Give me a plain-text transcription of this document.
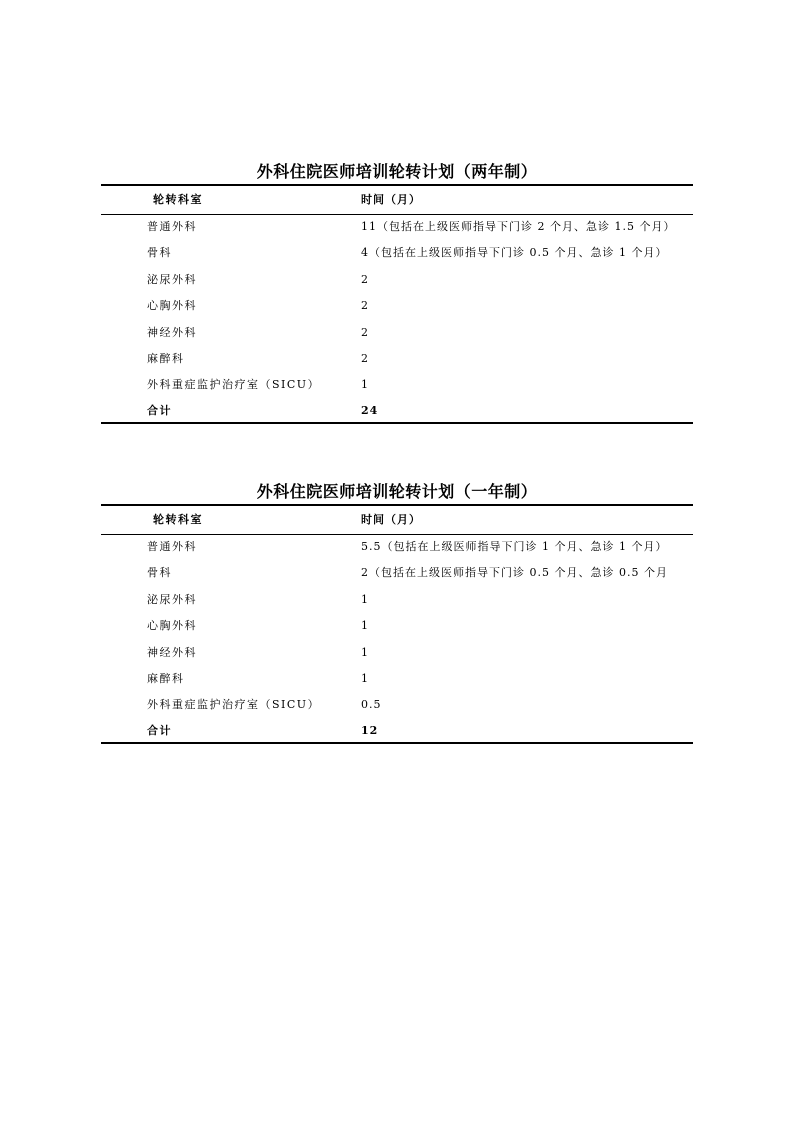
外科住院医师培训轮转计划（两年制）
轮转科室	时间（月）
普通外科	11（包括在上级医师指导下门诊 2 个月、急诊 1.5 个月）
骨科	4（包括在上级医师指导下门诊 0.5 个月、急诊 1 个月）
泌尿外科	2
心胸外科	2
神经外科	2
麻醉科	2
外科重症监护治疗室（SICU）	1
合计	24
外科住院医师培训轮转计划（一年制）
轮转科室	时间（月）
普通外科	5.5（包括在上级医师指导下门诊 1 个月、急诊 1 个月）
骨科	2（包括在上级医师指导下门诊 0.5 个月、急诊 0.5 个月
泌尿外科	1
心胸外科	1
神经外科	1
麻醉科	1
外科重症监护治疗室（SICU）	0.5
合计	12
